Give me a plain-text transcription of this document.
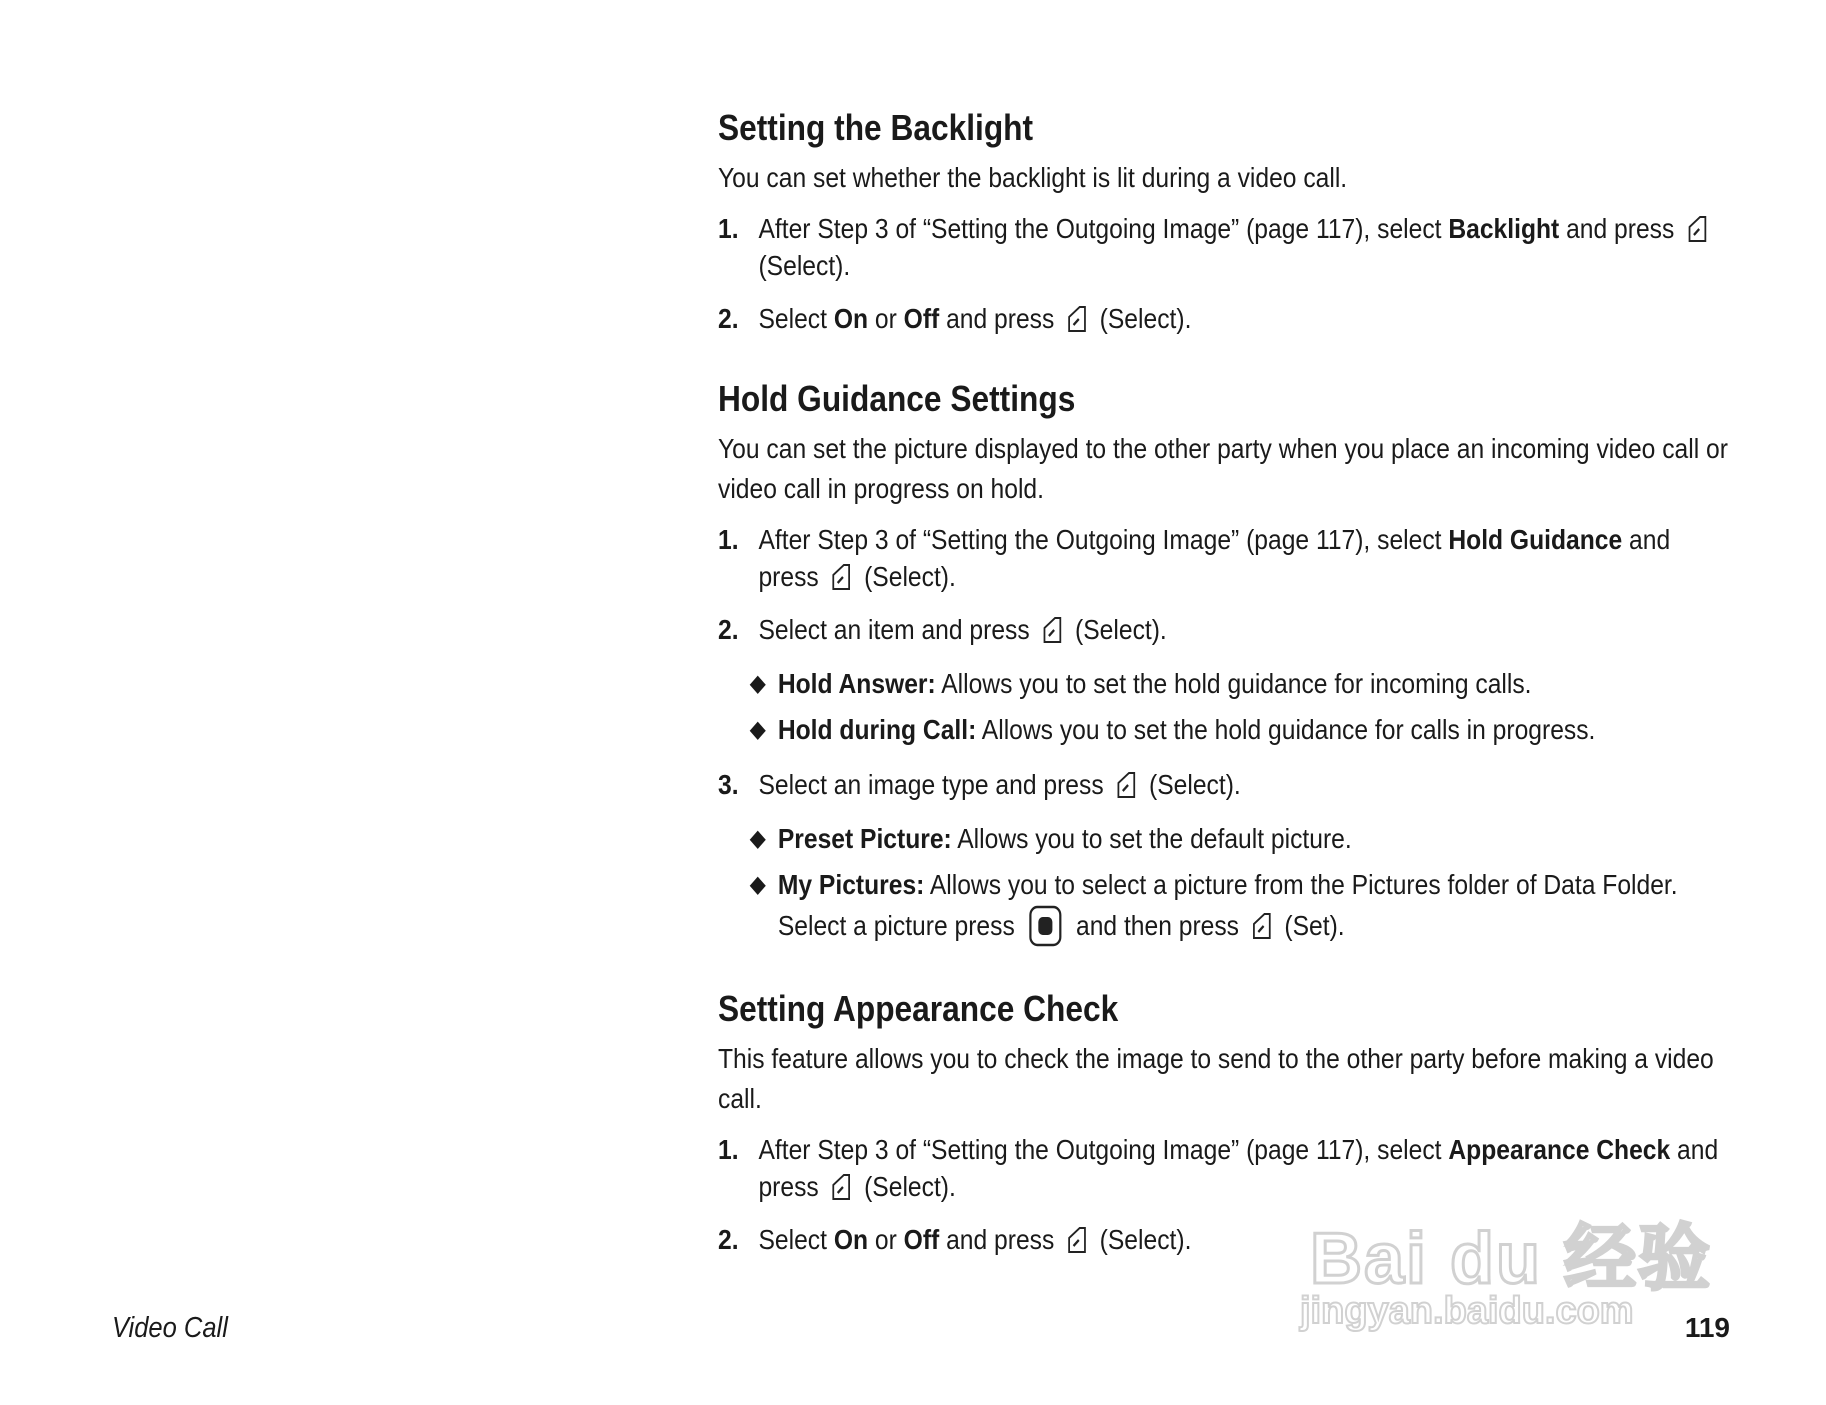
Setting the Backlight

You can set whether the backlight is lit during a video call.

1. After Step 3 of “Setting the Outgoing Image” (page 117), select Backlight and press
(Select).
2. Select On or Off and press
(Select).
Hold Guidance Settings

You can set the picture displayed to the other party when you place an incoming video call or video call in progress on hold.

1. After Step 3 of “Setting the Outgoing Image” (page 117), select Hold Guidance and press
(Select).
2. Select an item and press
(Select).
◆ Hold Answer: Allows you to set the hold guidance for incoming calls.
◆ Hold during Call: Allows you to set the hold guidance for calls in progress.
3. Select an image type and press
(Select).
◆ Preset Picture: Allows you to set the default picture.
◆ My Pictures: Allows you to select a picture from the Pictures folder of Data Folder. Select a picture press
and then press
(Set).
Setting Appearance Check

This feature allows you to check the image to send to the other party before making a video call.

1. After Step 3 of “Setting the Outgoing Image” (page 117), select Appearance Check and press
(Select).
2. Select On or Off and press
(Select).
Video Call	119
Bai du 经验
jingyan.baidu.com
